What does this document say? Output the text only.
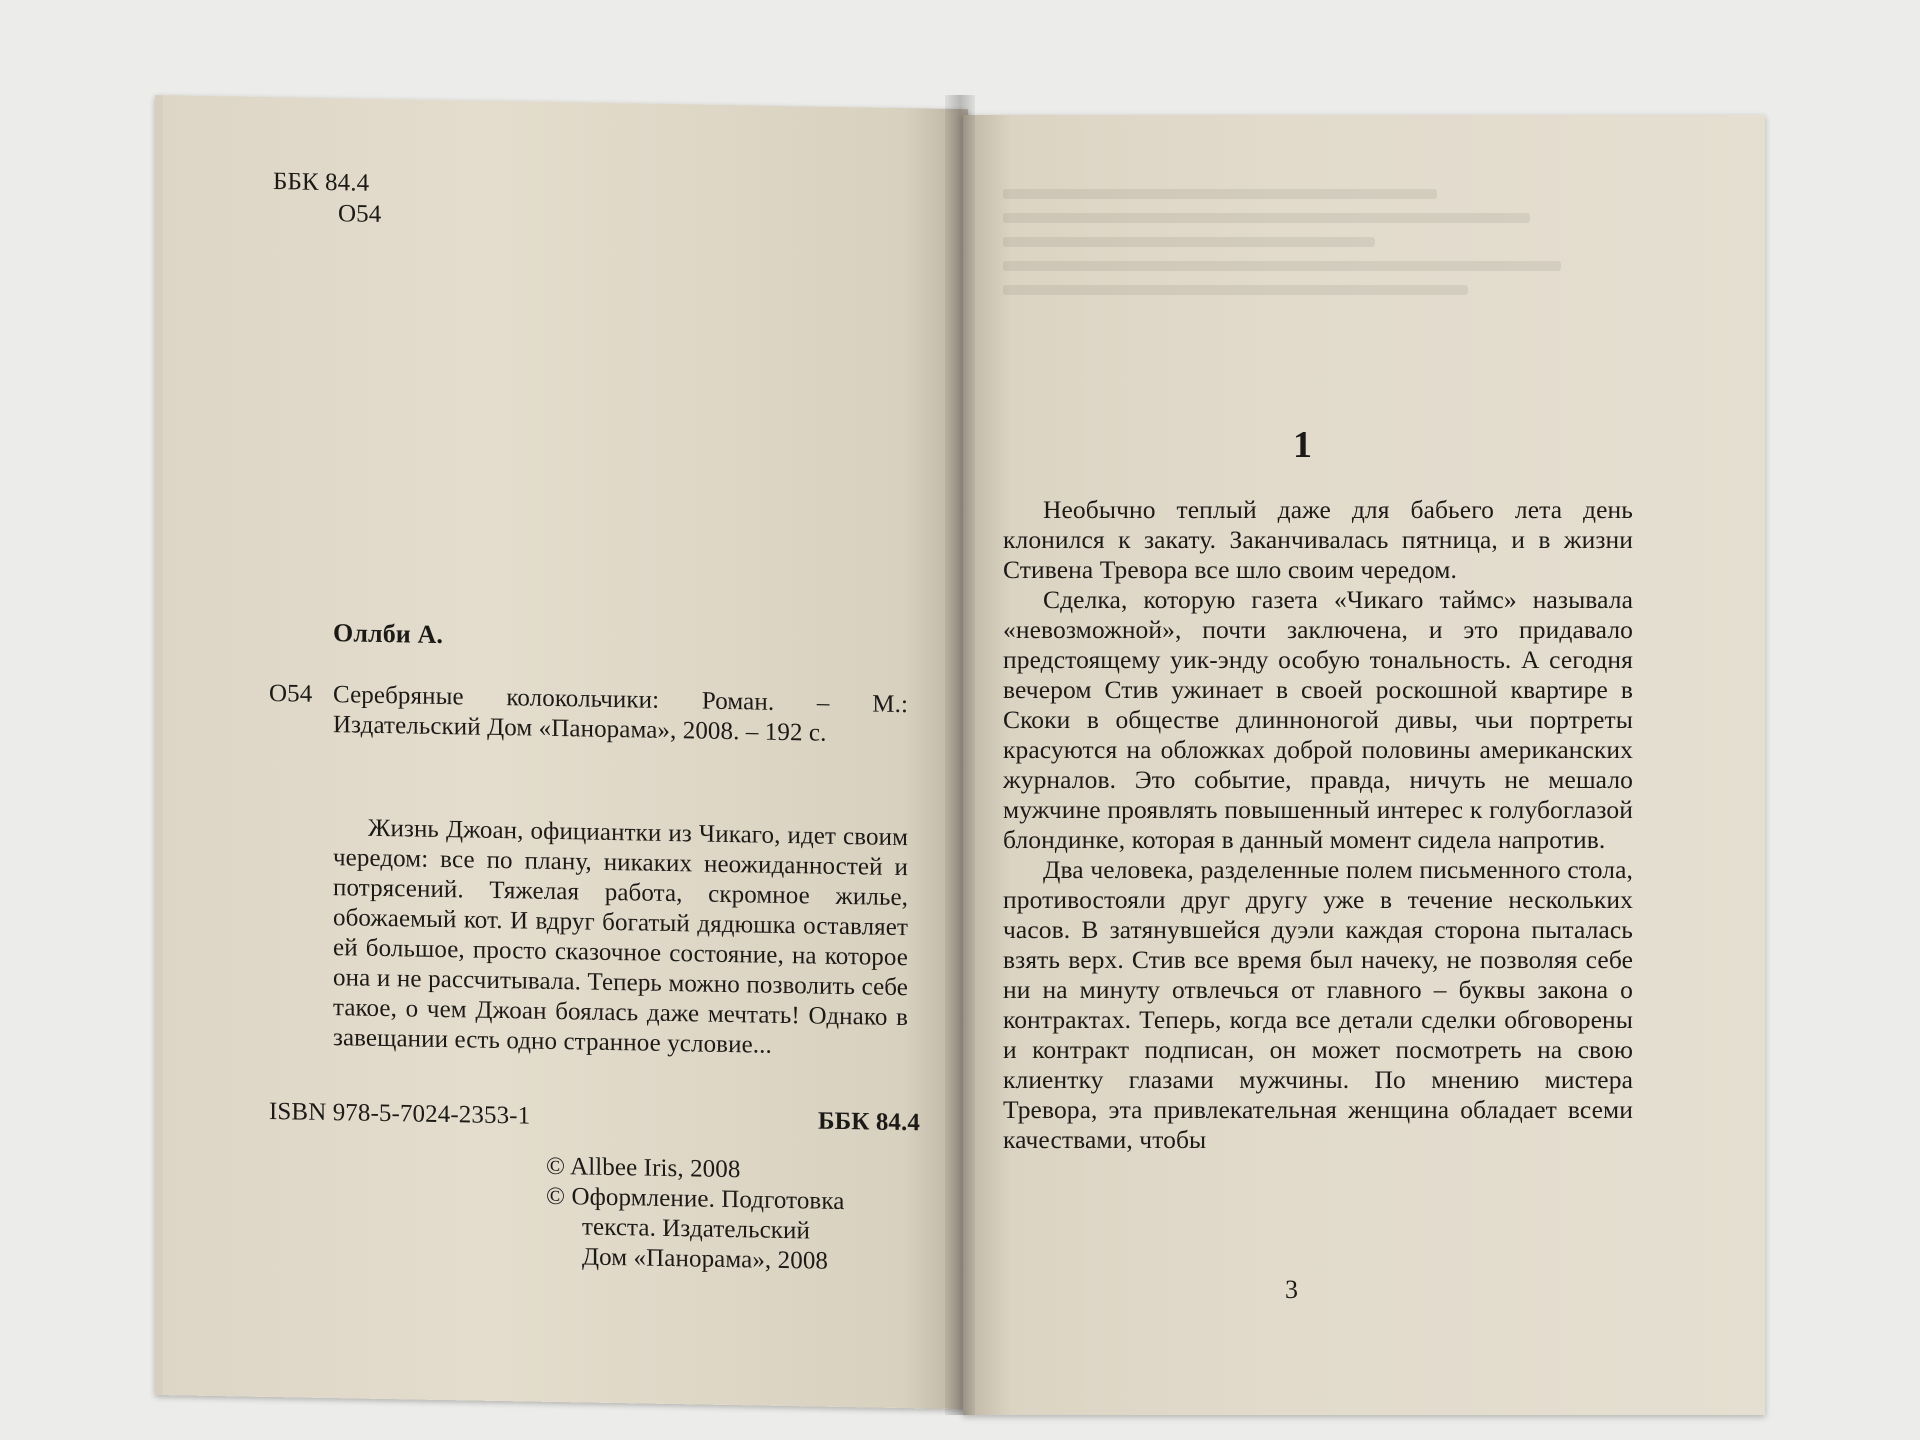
ББК 84.4
О54
Оллби А.
О54 Серебряные колокольчики: Роман. – М.: Издательский Дом «Панорама», 2008. – 192 с.

Жизнь Джоан, официантки из Чикаго, идет своим чередом: все по плану, никаких неожиданностей и потрясений. Тяжелая работа, скромное жилье, обожаемый кот. И вдруг богатый дядюшка оставляет ей большое, просто сказочное состояние, на которое она и не рассчитывала. Теперь можно позволить себе такое, о чем Джоан боялась даже мечтать! Однако в завещании есть одно странное условие...

ISBN 978-5-7024-2353-1	ББК 84.4
© Allbee Iris, 2008
© Оформление. Подготовка
текста. Издательский
Дом «Панорама», 2008
1

Необычно теплый даже для бабьего лета день клонился к закату. Заканчивалась пятница, и в жизни Стивена Тревора все шло своим чередом.

Сделка, которую газета «Чикаго таймс» называла «невозможной», почти заключена, и это придавало предстоящему уик-энду особую тональность. А сегодня вечером Стив ужинает в своей роскошной квартире в Скоки в обществе длинноногой дивы, чьи портреты красуются на обложках доброй половины американских журналов. Это событие, правда, ничуть не мешало мужчине проявлять повышенный интерес к голубоглазой блондинке, которая в данный момент сидела напротив.

Два человека, разделенные полем письменного стола, противостояли друг другу уже в течение нескольких часов. В затянувшейся дуэли каждая сторона пыталась взять верх. Стив все время был начеку, не позволяя себе ни на минуту отвлечься от главного – буквы закона о контрактах. Теперь, когда все детали сделки обговорены и контракт подписан, он может посмотреть на свою клиентку глазами мужчины. По мнению мистера Тревора, эта привлекательная женщина обладает всеми качествами, чтобы

3
